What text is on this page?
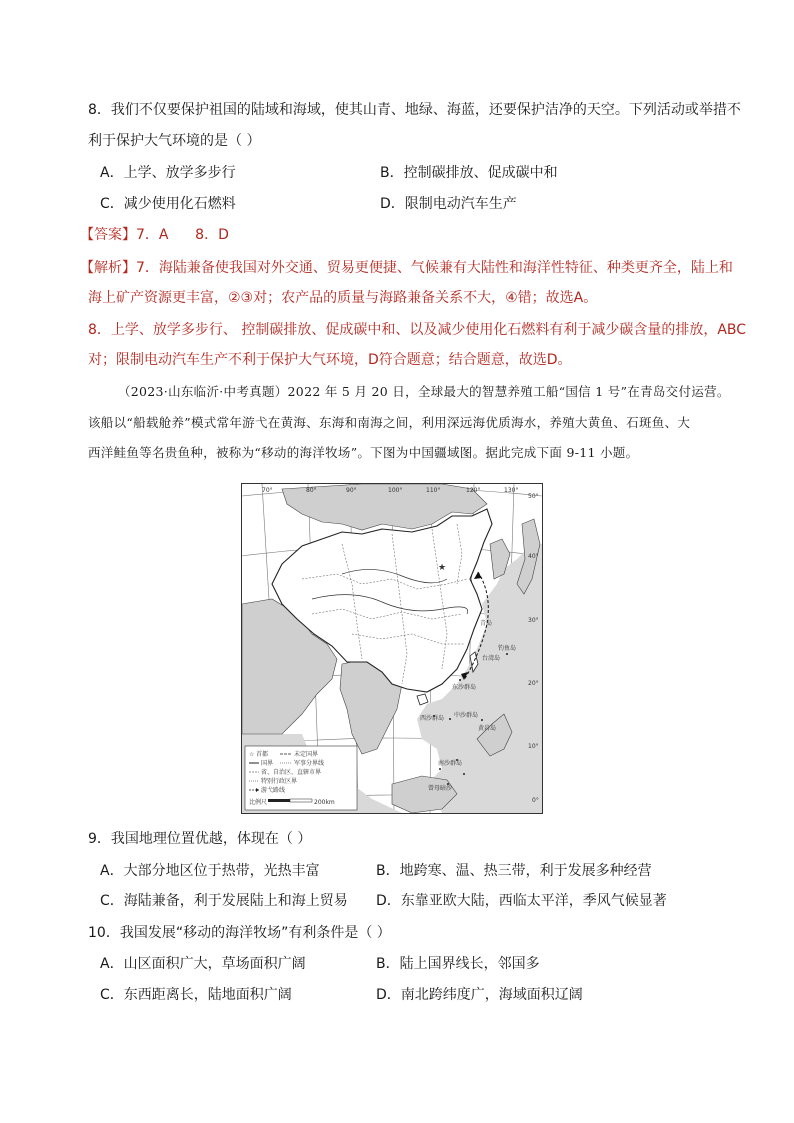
8．我们不仅要保护祖国的陆域和海域，使其山青、地绿、海蓝，还要保护洁净的天空。下列活动或举措不
利于保护大气环境的是（ ）
A．上学、放学多步行	B．控制碳排放、促成碳中和
C．减少使用化石燃料	D．限制电动汽车生产
【答案】7．A      8．D
【解析】7．海陆兼备使我国对外交通、贸易更便捷、气候兼有大陆性和海洋性特征、种类更齐全，陆上和
海上矿产资源更丰富，②③对；农产品的质量与海路兼备关系不大，④错；故选A。
8．上学、放学多步行、 控制碳排放、促成碳中和、以及减少使用化石燃料有利于减少碳含量的排放，ABC
对；限制电动汽车生产不利于保护大气环境，D符合题意；结合题意，故选D。
（2023·山东临沂·中考真题）2022 年 5 月 20 日，全球最大的智慧养殖工船“国信 1 号”在青岛交付运营。
该船以“船载舱养”模式常年游弋在黄海、东海和南海之间，利用深远海优质海水，养殖大黄鱼、石斑鱼、大
西洋鲑鱼等名贵鱼种，被称为“移动的海洋牧场”。下图为中国疆域图。据此完成下面 9-11 小题。
★
青岛
台湾岛
钓鱼岛
东沙群岛
西沙群岛 中沙群岛
黄岩岛
南沙群岛
曾母暗沙
70°	80°	90°	100°	110°	120°	130°
50°
40°
30°
20°
10°
0°
☆ 首都	未定国界
国界	军事分界线
省、自治区、直辖市界
特别行政区界
游弋路线
比例尺	200km
9．我国地理位置优越，体现在（ ）
A．大部分地区位于热带，光热丰富	B．地跨寒、温、热三带，利于发展多种经营
C．海陆兼备，利于发展陆上和海上贸易 D．东靠亚欧大陆，西临太平洋，季风气候显著
10．我国发展“移动的海洋牧场”有利条件是（ ）
A．山区面积广大，草场面积广阔	B．陆上国界线长，邻国多
C．东西距离长，陆地面积广阔	D．南北跨纬度广，海域面积辽阔
